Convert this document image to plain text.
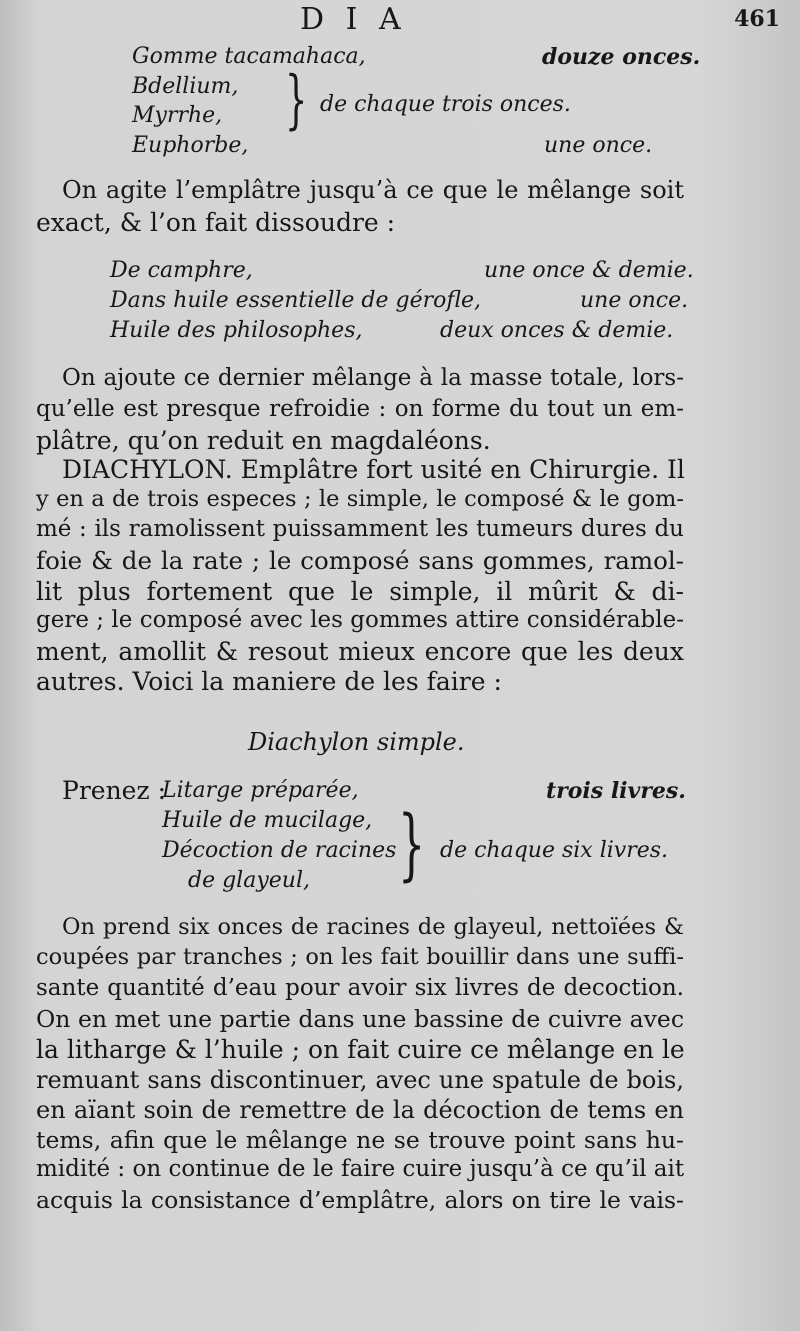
D I A	461
Gomme tacamahaca,	douze onces.
Bdellium,
Myrrhe, } de chaque trois onces.
Euphorbe,	une once.
On agite l’emplâtre jusqu’à ce que le mêlange soit
exact, & l’on fait dissoudre :
De camphre,	une once & demie.
Dans huile essentielle de gérofle,	une once.
Huile des philosophes,	deux onces & demie.
On ajoute ce dernier mêlange à la masse totale, lors-
qu’elle est presque refroidie : on forme du tout un em-
plâtre, qu’on reduit en magdaléons.
DIACHYLON. Emplâtre fort usité en Chirurgie. Il
y en a de trois especes ; le simple, le composé & le gom-
mé : ils ramolissent puissamment les tumeurs dures du
foie & de la rate ; le composé sans gommes, ramol-
lit plus fortement que le simple, il mûrit & di-
gere ; le composé avec les gommes attire considérable-
ment, amollit & resout mieux encore que les deux
autres. Voici la maniere de les faire :
Diachylon simple.
Prenez :
Litarge préparée,	trois livres.
Huile de mucilage,
Décoction de racines
de glayeul, } de chaque six livres.
On prend six onces de racines de glayeul, nettoïées &
coupées par tranches ; on les fait bouillir dans une suffi-
sante quantité d’eau pour avoir six livres de decoction.
On en met une partie dans une bassine de cuivre avec
la litharge & l’huile ; on fait cuire ce mêlange en le
remuant sans discontinuer, avec une spatule de bois,
en aïant soin de remettre de la décoction de tems en
tems, afin que le mêlange ne se trouve point sans hu-
midité : on continue de le faire cuire jusqu’à ce qu’il ait
acquis la consistance d’emplâtre, alors on tire le vais-
